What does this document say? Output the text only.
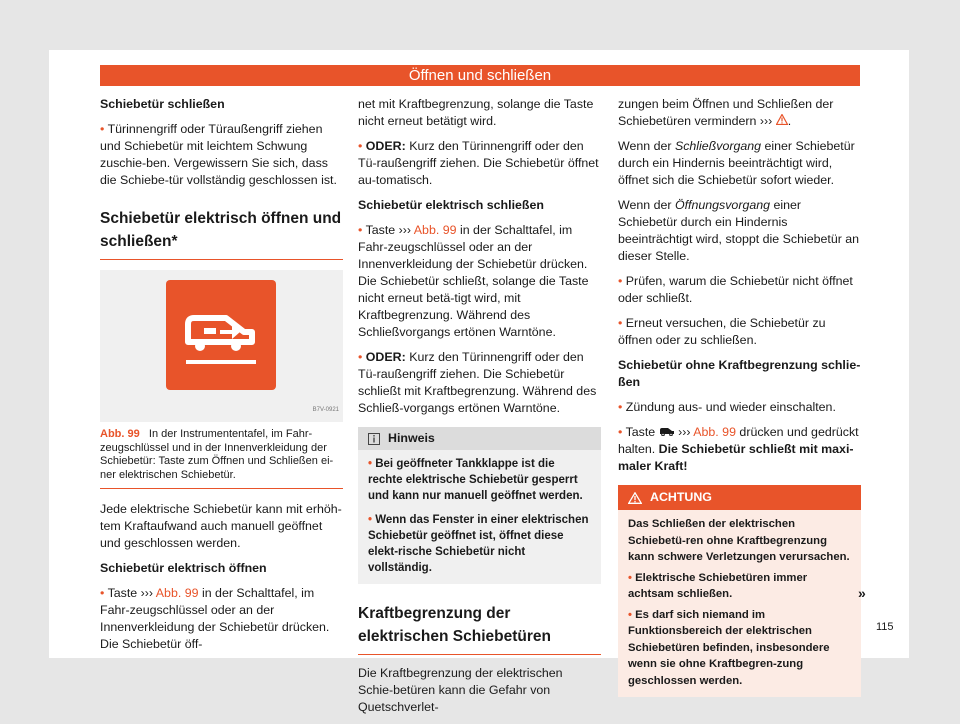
Öffnen und schließen

Schiebetür schließen

• Türinnengriff oder Türaußengriff ziehen und Schiebetür mit leichtem Schwung zuschie-ben. Vergewissern Sie sich, dass die Schiebe-tür vollständig geschlossen ist.

Schiebetür elektrisch öffnen und schließen*
B7V-0921
Abb. 99 In der Instrumententafel, im Fahr-zeugschlüssel und in der Innenverkleidung der Schiebetür: Taste zum Öffnen und Schließen ei-ner elektrischen Schiebetür.

Jede elektrische Schiebetür kann mit erhöh-tem Kraftaufwand auch manuell geöffnet und geschlossen werden.

Schiebetür elektrisch öffnen

• Taste ››› Abb. 99 in der Schalttafel, im Fahr-zeugschlüssel oder an der Innenverkleidung der Schiebetür drücken. Die Schiebetür öff-

net mit Kraftbegrenzung, solange die Taste nicht erneut betätigt wird.

• ODER: Kurz den Türinnengriff oder den Tü-raußengriff ziehen. Die Schiebetür öffnet au-tomatisch.

Schiebetür elektrisch schließen

• Taste ››› Abb. 99 in der Schalttafel, im Fahr-zeugschlüssel oder an der Innenverkleidung der Schiebetür drücken. Die Schiebetür schließt, solange die Taste nicht erneut betä-tigt wird, mit Kraftbegrenzung. Während des Schließvorgangs ertönen Warntöne.

• ODER: Kurz den Türinnengriff oder den Tü-raußengriff ziehen. Die Schiebetür schließt mit Kraftbegrenzung. Während des Schließ-vorgangs ertönen Warntöne.

Hinweis

• Bei geöffneter Tankklappe ist die rechte elektrische Schiebetür gesperrt und kann nur manuell geöffnet werden.

• Wenn das Fenster in einer elektrischen Schiebetür geöffnet ist, öffnet diese elekt-rische Schiebetür nicht vollständig.

Kraftbegrenzung der elektrischen Schiebetüren

Die Kraftbegrenzung der elektrischen Schie-betüren kann die Gefahr von Quetschverlet-

zungen beim Öffnen und Schließen der Schiebetüren vermindern ››› .

Wenn der Schließvorgang einer Schiebetür durch ein Hindernis beeinträchtigt wird, öffnet sich die Schiebetür sofort wieder.

Wenn der Öffnungsvorgang einer Schiebetür durch ein Hindernis beeinträchtigt wird, stoppt die Schiebetür an dieser Stelle.

• Prüfen, warum die Schiebetür nicht öffnet oder schließt.

• Erneut versuchen, die Schiebetür zu öffnen oder zu schließen.

Schiebetür ohne Kraftbegrenzung schlie-ßen

• Zündung aus- und wieder einschalten.

• Taste ››› Abb. 99 drücken und gedrückt halten. Die Schiebetür schließt mit maxi-maler Kraft!

ACHTUNG

Das Schließen der elektrischen Schiebetü-ren ohne Kraftbegrenzung kann schwere Verletzungen verursachen.

• Elektrische Schiebetüren immer achtsam schließen.

• Es darf sich niemand im Funktionsbereich der elektrischen Schiebetüren befinden, insbesondere wenn sie ohne Kraftbegren-zung geschlossen werden.

»
115
